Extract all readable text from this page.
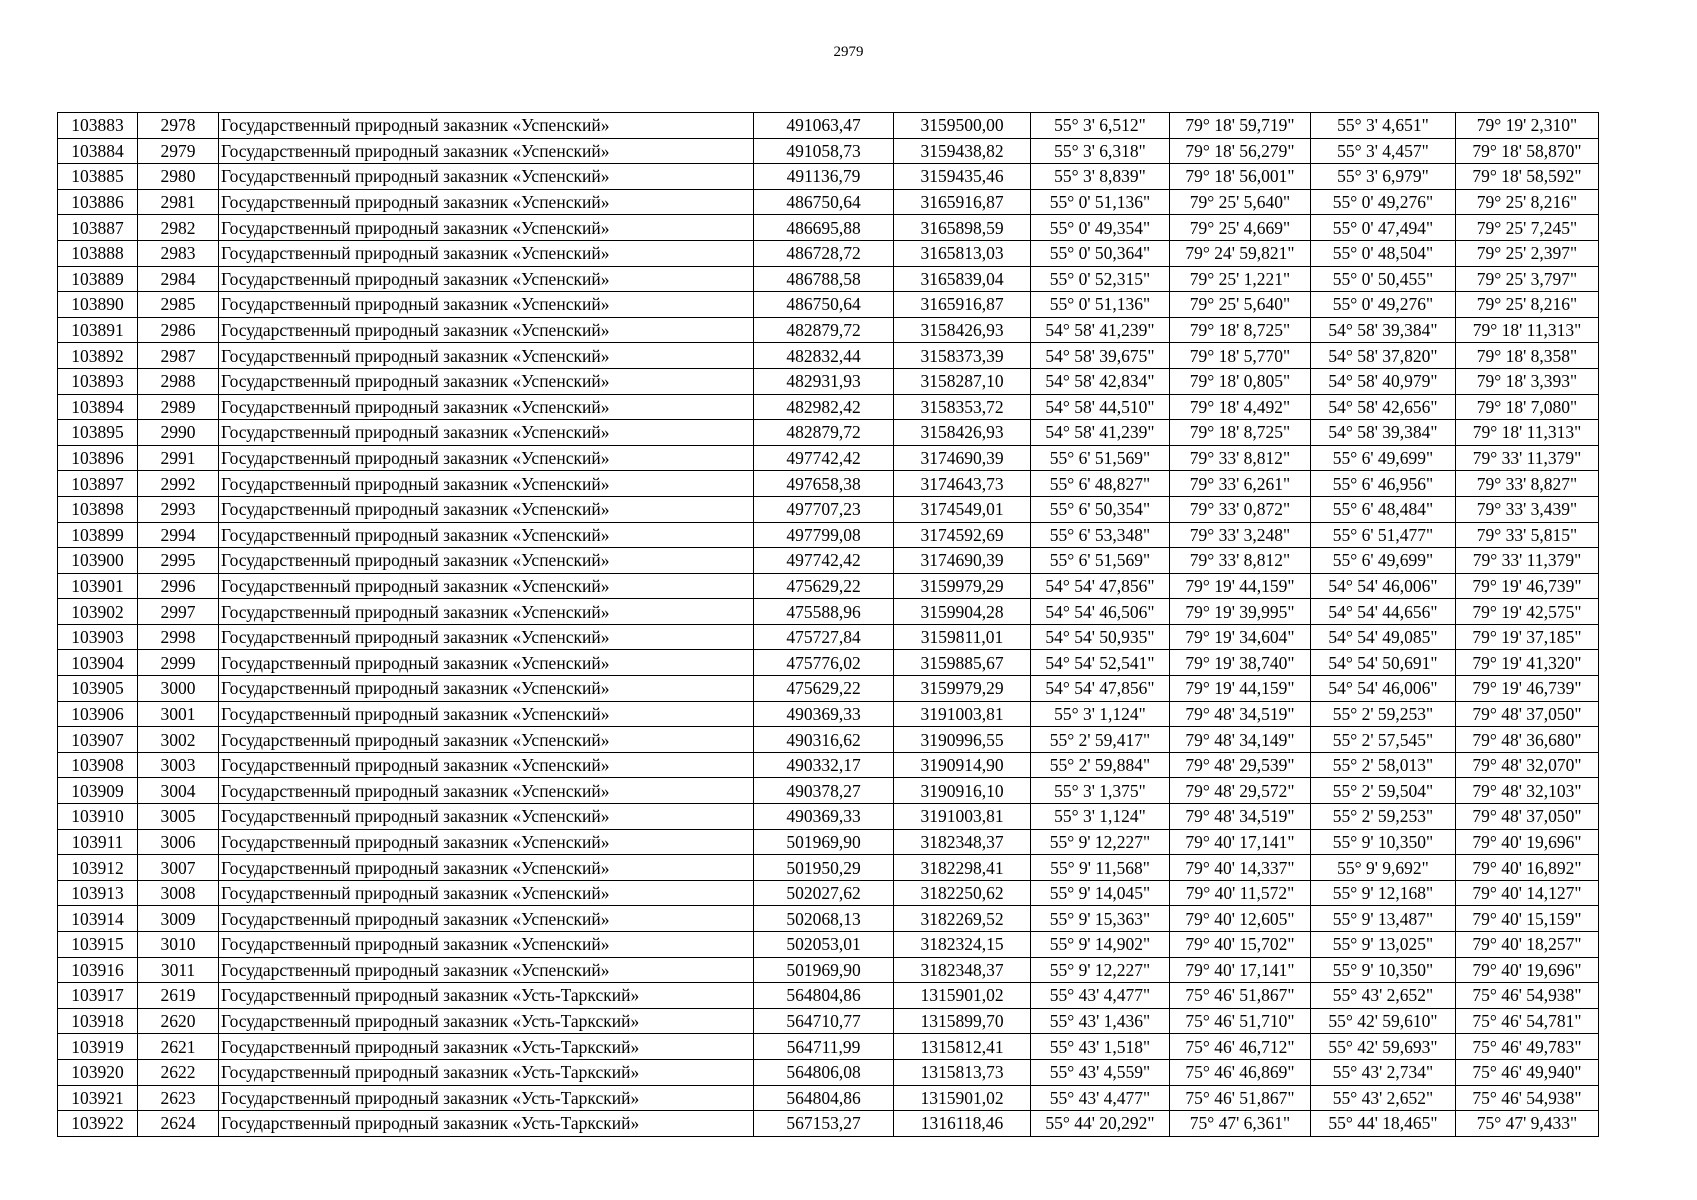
2979
103883	2978	Государственный природный заказник «Успенский»	491063,47	3159500,00	55° 3' 6,512"	79° 18' 59,719"	55° 3' 4,651"	79° 19' 2,310"
103884	2979	Государственный природный заказник «Успенский»	491058,73	3159438,82	55° 3' 6,318"	79° 18' 56,279"	55° 3' 4,457"	79° 18' 58,870"
103885	2980	Государственный природный заказник «Успенский»	491136,79	3159435,46	55° 3' 8,839"	79° 18' 56,001"	55° 3' 6,979"	79° 18' 58,592"
103886	2981	Государственный природный заказник «Успенский»	486750,64	3165916,87	55° 0' 51,136"	79° 25' 5,640"	55° 0' 49,276"	79° 25' 8,216"
103887	2982	Государственный природный заказник «Успенский»	486695,88	3165898,59	55° 0' 49,354"	79° 25' 4,669"	55° 0' 47,494"	79° 25' 7,245"
103888	2983	Государственный природный заказник «Успенский»	486728,72	3165813,03	55° 0' 50,364"	79° 24' 59,821"	55° 0' 48,504"	79° 25' 2,397"
103889	2984	Государственный природный заказник «Успенский»	486788,58	3165839,04	55° 0' 52,315"	79° 25' 1,221"	55° 0' 50,455"	79° 25' 3,797"
103890	2985	Государственный природный заказник «Успенский»	486750,64	3165916,87	55° 0' 51,136"	79° 25' 5,640"	55° 0' 49,276"	79° 25' 8,216"
103891	2986	Государственный природный заказник «Успенский»	482879,72	3158426,93	54° 58' 41,239"	79° 18' 8,725"	54° 58' 39,384"	79° 18' 11,313"
103892	2987	Государственный природный заказник «Успенский»	482832,44	3158373,39	54° 58' 39,675"	79° 18' 5,770"	54° 58' 37,820"	79° 18' 8,358"
103893	2988	Государственный природный заказник «Успенский»	482931,93	3158287,10	54° 58' 42,834"	79° 18' 0,805"	54° 58' 40,979"	79° 18' 3,393"
103894	2989	Государственный природный заказник «Успенский»	482982,42	3158353,72	54° 58' 44,510"	79° 18' 4,492"	54° 58' 42,656"	79° 18' 7,080"
103895	2990	Государственный природный заказник «Успенский»	482879,72	3158426,93	54° 58' 41,239"	79° 18' 8,725"	54° 58' 39,384"	79° 18' 11,313"
103896	2991	Государственный природный заказник «Успенский»	497742,42	3174690,39	55° 6' 51,569"	79° 33' 8,812"	55° 6' 49,699"	79° 33' 11,379"
103897	2992	Государственный природный заказник «Успенский»	497658,38	3174643,73	55° 6' 48,827"	79° 33' 6,261"	55° 6' 46,956"	79° 33' 8,827"
103898	2993	Государственный природный заказник «Успенский»	497707,23	3174549,01	55° 6' 50,354"	79° 33' 0,872"	55° 6' 48,484"	79° 33' 3,439"
103899	2994	Государственный природный заказник «Успенский»	497799,08	3174592,69	55° 6' 53,348"	79° 33' 3,248"	55° 6' 51,477"	79° 33' 5,815"
103900	2995	Государственный природный заказник «Успенский»	497742,42	3174690,39	55° 6' 51,569"	79° 33' 8,812"	55° 6' 49,699"	79° 33' 11,379"
103901	2996	Государственный природный заказник «Успенский»	475629,22	3159979,29	54° 54' 47,856"	79° 19' 44,159"	54° 54' 46,006"	79° 19' 46,739"
103902	2997	Государственный природный заказник «Успенский»	475588,96	3159904,28	54° 54' 46,506"	79° 19' 39,995"	54° 54' 44,656"	79° 19' 42,575"
103903	2998	Государственный природный заказник «Успенский»	475727,84	3159811,01	54° 54' 50,935"	79° 19' 34,604"	54° 54' 49,085"	79° 19' 37,185"
103904	2999	Государственный природный заказник «Успенский»	475776,02	3159885,67	54° 54' 52,541"	79° 19' 38,740"	54° 54' 50,691"	79° 19' 41,320"
103905	3000	Государственный природный заказник «Успенский»	475629,22	3159979,29	54° 54' 47,856"	79° 19' 44,159"	54° 54' 46,006"	79° 19' 46,739"
103906	3001	Государственный природный заказник «Успенский»	490369,33	3191003,81	55° 3' 1,124"	79° 48' 34,519"	55° 2' 59,253"	79° 48' 37,050"
103907	3002	Государственный природный заказник «Успенский»	490316,62	3190996,55	55° 2' 59,417"	79° 48' 34,149"	55° 2' 57,545"	79° 48' 36,680"
103908	3003	Государственный природный заказник «Успенский»	490332,17	3190914,90	55° 2' 59,884"	79° 48' 29,539"	55° 2' 58,013"	79° 48' 32,070"
103909	3004	Государственный природный заказник «Успенский»	490378,27	3190916,10	55° 3' 1,375"	79° 48' 29,572"	55° 2' 59,504"	79° 48' 32,103"
103910	3005	Государственный природный заказник «Успенский»	490369,33	3191003,81	55° 3' 1,124"	79° 48' 34,519"	55° 2' 59,253"	79° 48' 37,050"
103911	3006	Государственный природный заказник «Успенский»	501969,90	3182348,37	55° 9' 12,227"	79° 40' 17,141"	55° 9' 10,350"	79° 40' 19,696"
103912	3007	Государственный природный заказник «Успенский»	501950,29	3182298,41	55° 9' 11,568"	79° 40' 14,337"	55° 9' 9,692"	79° 40' 16,892"
103913	3008	Государственный природный заказник «Успенский»	502027,62	3182250,62	55° 9' 14,045"	79° 40' 11,572"	55° 9' 12,168"	79° 40' 14,127"
103914	3009	Государственный природный заказник «Успенский»	502068,13	3182269,52	55° 9' 15,363"	79° 40' 12,605"	55° 9' 13,487"	79° 40' 15,159"
103915	3010	Государственный природный заказник «Успенский»	502053,01	3182324,15	55° 9' 14,902"	79° 40' 15,702"	55° 9' 13,025"	79° 40' 18,257"
103916	3011	Государственный природный заказник «Успенский»	501969,90	3182348,37	55° 9' 12,227"	79° 40' 17,141"	55° 9' 10,350"	79° 40' 19,696"
103917	2619	Государственный природный заказник «Усть-Таркский»	564804,86	1315901,02	55° 43' 4,477"	75° 46' 51,867"	55° 43' 2,652"	75° 46' 54,938"
103918	2620	Государственный природный заказник «Усть-Таркский»	564710,77	1315899,70	55° 43' 1,436"	75° 46' 51,710"	55° 42' 59,610"	75° 46' 54,781"
103919	2621	Государственный природный заказник «Усть-Таркский»	564711,99	1315812,41	55° 43' 1,518"	75° 46' 46,712"	55° 42' 59,693"	75° 46' 49,783"
103920	2622	Государственный природный заказник «Усть-Таркский»	564806,08	1315813,73	55° 43' 4,559"	75° 46' 46,869"	55° 43' 2,734"	75° 46' 49,940"
103921	2623	Государственный природный заказник «Усть-Таркский»	564804,86	1315901,02	55° 43' 4,477"	75° 46' 51,867"	55° 43' 2,652"	75° 46' 54,938"
103922	2624	Государственный природный заказник «Усть-Таркский»	567153,27	1316118,46	55° 44' 20,292"	75° 47' 6,361"	55° 44' 18,465"	75° 47' 9,433"
